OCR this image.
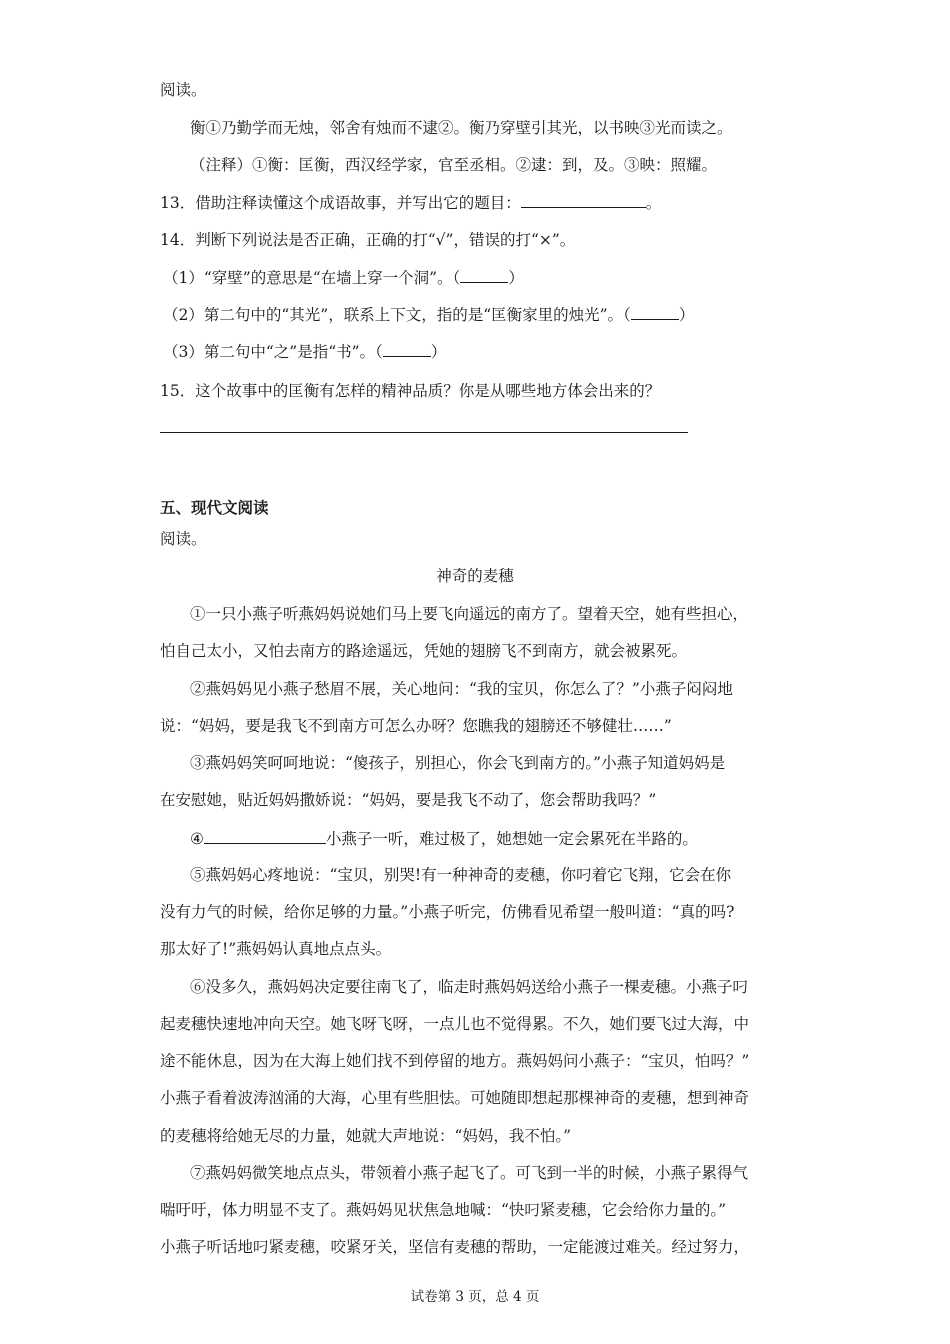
阅读。
衡①乃勤学而无烛，邻舍有烛而不逮②。衡乃穿壁引其光，以书映③光而读之。
（注释）①衡：匡衡，西汉经学家，官至丞相。②逮：到，及。③映：照耀。
13．借助注释读懂这个成语故事，并写出它的题目：	。
14．判断下列说法是否正确，正确的打“√”，错误的打“×”。
（1）“穿壁”的意思是“在墙上穿一个洞”。（	）
（2）第二句中的“其光”，联系上下文，指的是“匡衡家里的烛光”。（	）
（3）第二句中“之”是指“书”。（	）
15．这个故事中的匡衡有怎样的精神品质？你是从哪些地方体会出来的？
五、现代文阅读
阅读。
神奇的麦穗
①一只小燕子听燕妈妈说她们马上要飞向遥远的南方了。望着天空，她有些担心，
怕自己太小，又怕去南方的路途遥远，凭她的翅膀飞不到南方，就会被累死。
②燕妈妈见小燕子愁眉不展，关心地问：“我的宝贝，你怎么了？”小燕子闷闷地
说：“妈妈，要是我飞不到南方可怎么办呀？您瞧我的翅膀还不够健壮……”
③燕妈妈笑呵呵地说：“傻孩子，别担心，你会飞到南方的。”小燕子知道妈妈是
在安慰她，贴近妈妈撒娇说：“妈妈，要是我飞不动了，您会帮助我吗？”
④	小燕子一听，难过极了，她想她一定会累死在半路的。
⑤燕妈妈心疼地说：“宝贝，别哭!有一种神奇的麦穗，你叼着它飞翔，它会在你
没有力气的时候，给你足够的力量。”小燕子听完，仿佛看见希望一般叫道：“真的吗?
那太好了!”燕妈妈认真地点点头。
⑥没多久，燕妈妈决定要往南飞了，临走时燕妈妈送给小燕子一棵麦穗。小燕子叼
起麦穗快速地冲向天空。她飞呀飞呀，一点儿也不觉得累。不久，她们要飞过大海，中
途不能休息，因为在大海上她们找不到停留的地方。燕妈妈问小燕子：“宝贝，怕吗？”
小燕子看着波涛汹涌的大海，心里有些胆怯。可她随即想起那棵神奇的麦穗，想到神奇
的麦穗将给她无尽的力量，她就大声地说：“妈妈，我不怕。”
⑦燕妈妈微笑地点点头，带领着小燕子起飞了。可飞到一半的时候，小燕子累得气
喘吁吁，体力明显不支了。燕妈妈见状焦急地喊：“快叼紧麦穗，它会给你力量的。”
小燕子听话地叼紧麦穗，咬紧牙关，坚信有麦穗的帮助，一定能渡过难关。经过努力，
试卷第 3 页，总 4 页
